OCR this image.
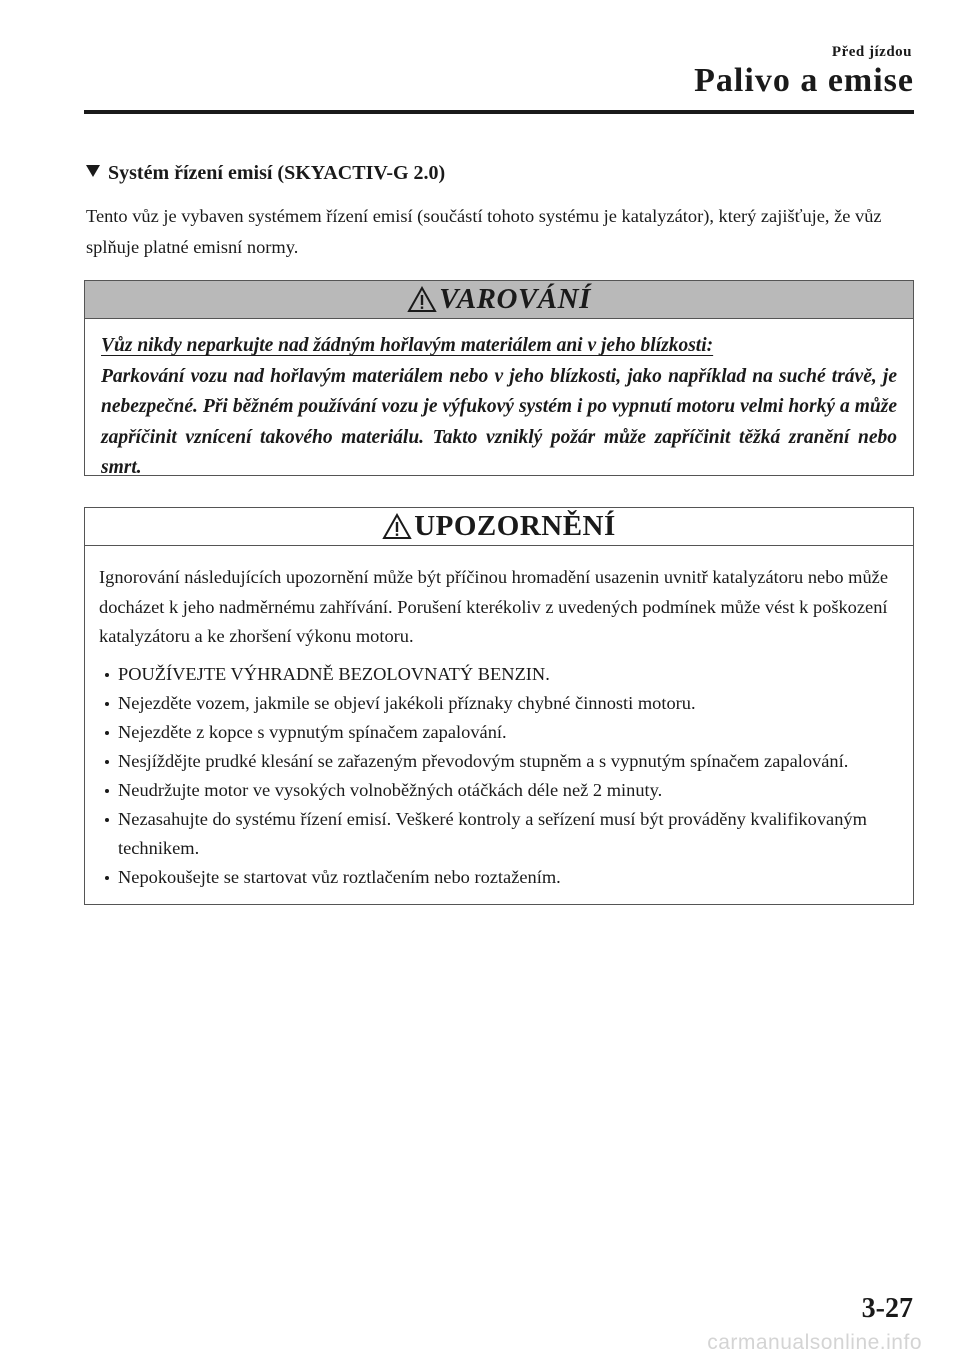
Před jízdou
Palivo a emise
Systém řízení emisí (SKYACTIV-G 2.0)
Tento vůz je vybaven systémem řízení emisí (součástí tohoto systému je katalyzátor), který zajišťuje, že vůz splňuje platné emisní normy.
VAROVÁNÍ
Vůz nikdy neparkujte nad žádným hořlavým materiálem ani v jeho blízkosti:
Parkování vozu nad hořlavým materiálem nebo v jeho blízkosti, jako například na suché trávě, je nebezpečné. Při běžném používání vozu je výfukový systém i po vypnutí motoru velmi horký a může zapříčinit vznícení takového materiálu. Takto vzniklý požár může zapříčinit těžká zranění nebo smrt.
UPOZORNĚNÍ
Ignorování následujících upozornění může být příčinou hromadění usazenin uvnitř katalyzátoru nebo může docházet k jeho nadměrnému zahřívání. Porušení kterékoliv z uvedených podmínek může vést k poškození katalyzátoru a ke zhoršení výkonu motoru.
POUŽÍVEJTE VÝHRADNĚ BEZOLOVNATÝ BENZIN.
Nejezděte vozem, jakmile se objeví jakékoli příznaky chybné činnosti motoru.
Nejezděte z kopce s vypnutým spínačem zapalování.
Nesjíždějte prudké klesání se zařazeným převodovým stupněm a s vypnutým spínačem zapalování.
Neudržujte motor ve vysokých volnoběžných otáčkách déle než 2 minuty.
Nezasahujte do systému řízení emisí. Veškeré kontroly a seřízení musí být prováděny kvalifikovaným technikem.
Nepokoušejte se startovat vůz roztlačením nebo roztažením.
3-27
carmanualsonline.info
